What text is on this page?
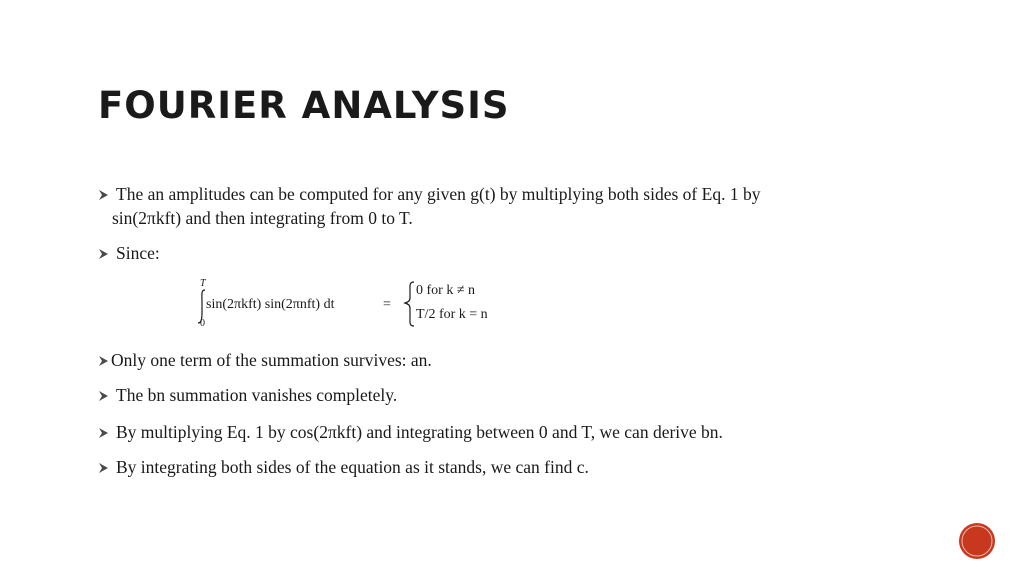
FOURIER ANALYSIS
The an amplitudes can be computed for any given g(t) by multiplying both sides of Eq. 1 by
sin(2πkft) and then integrating from 0 to T.
Since:
T
0
sin(2πkft) sin(2πnft) dt	=
0 for k ≠ n
T/2 for k = n
Only one term of the summation survives: an.
The bn summation vanishes completely.
By multiplying Eq. 1 by cos(2πkft) and integrating between 0 and T, we can derive bn.
By integrating both sides of the equation as it stands, we can find c.
